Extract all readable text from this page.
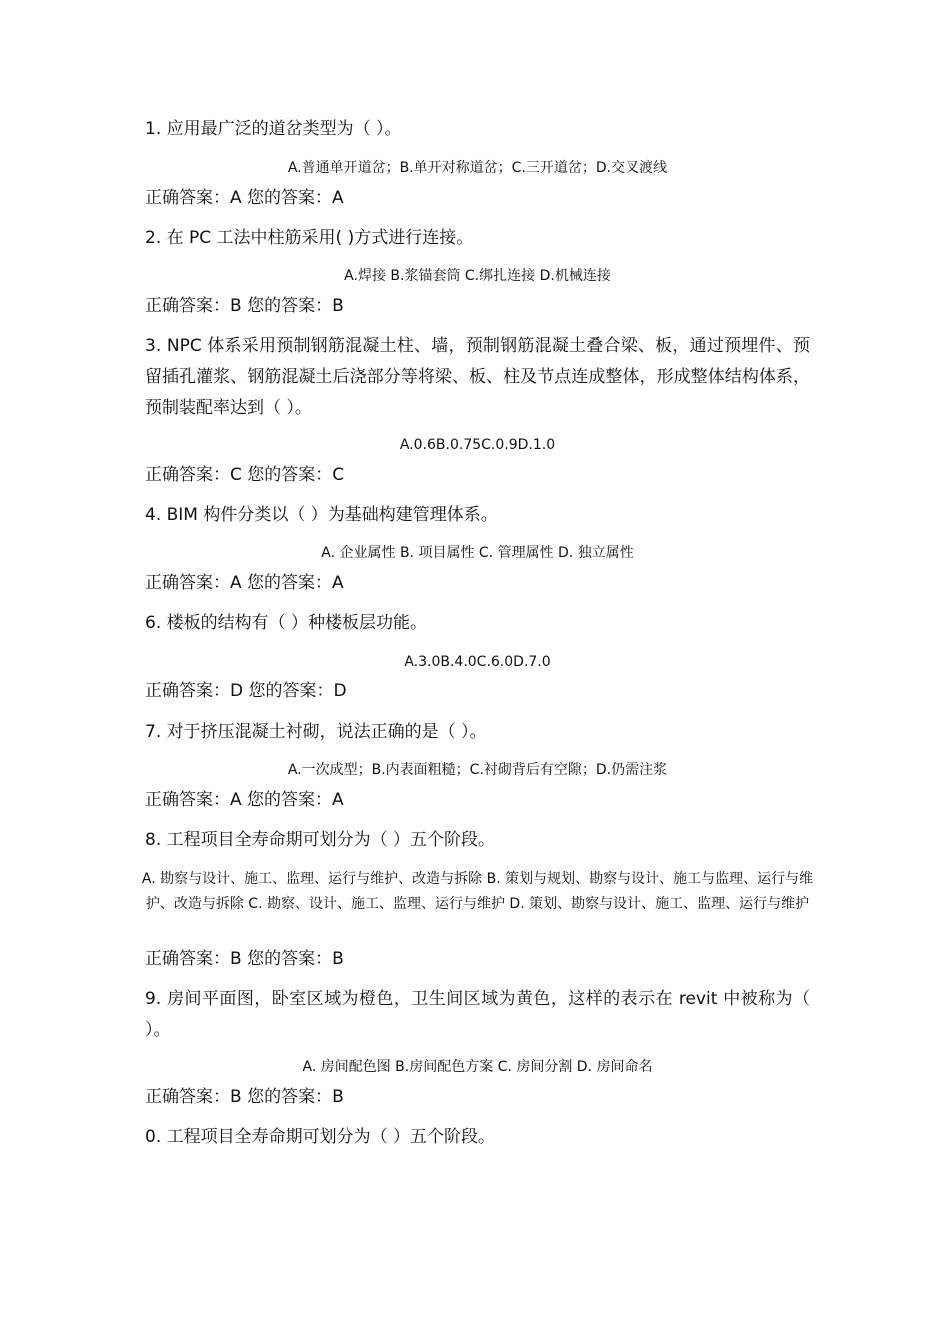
1. 应用最广泛的道岔类型为（ ）。

A.普通单开道岔；B.单开对称道岔；C.三开道岔；D.交叉渡线

正确答案：A 您的答案：A

2. 在 PC 工法中柱筋采用( )方式进行连接。

A.焊接 B.浆锚套筒 C.绑扎连接 D.机械连接

正确答案：B 您的答案：B

3. NPC 体系采用预制钢筋混凝土柱、墙，预制钢筋混凝土叠合梁、板，通过预埋件、预留插孔灌浆、钢筋混凝土后浇部分等将梁、板、柱及节点连成整体，形成整体结构体系，预制装配率达到（ ）。

A.0.6B.0.75C.0.9D.1.0

正确答案：C 您的答案：C

4. BIM 构件分类以（ ）为基础构建管理体系。

A. 企业属性 B. 项目属性 C. 管理属性 D. 独立属性

正确答案：A 您的答案：A

6. 楼板的结构有（ ）种楼板层功能。

A.3.0B.4.0C.6.0D.7.0

正确答案：D 您的答案：D

7. 对于挤压混凝土衬砌，说法正确的是（ ）。

A.一次成型；B.内表面粗糙；C.衬砌背后有空隙；D.仍需注浆

正确答案：A 您的答案：A

8. 工程项目全寿命期可划分为（ ）五个阶段。

A. 勘察与设计、施工、监理、运行与维护、改造与拆除 B. 策划与规划、勘察与设计、施工与监理、运行与维护、改造与拆除 C. 勘察、设计、施工、监理、运行与维护 D. 策划、勘察与设计、施工、监理、运行与维护

正确答案：B 您的答案：B

9. 房间平面图，卧室区域为橙色，卫生间区域为黄色，这样的表示在 revit 中被称为（ ）。

A. 房间配色图 B.房间配色方案 C. 房间分割 D. 房间命名

正确答案：B 您的答案：B

0. 工程项目全寿命期可划分为（ ）五个阶段。
